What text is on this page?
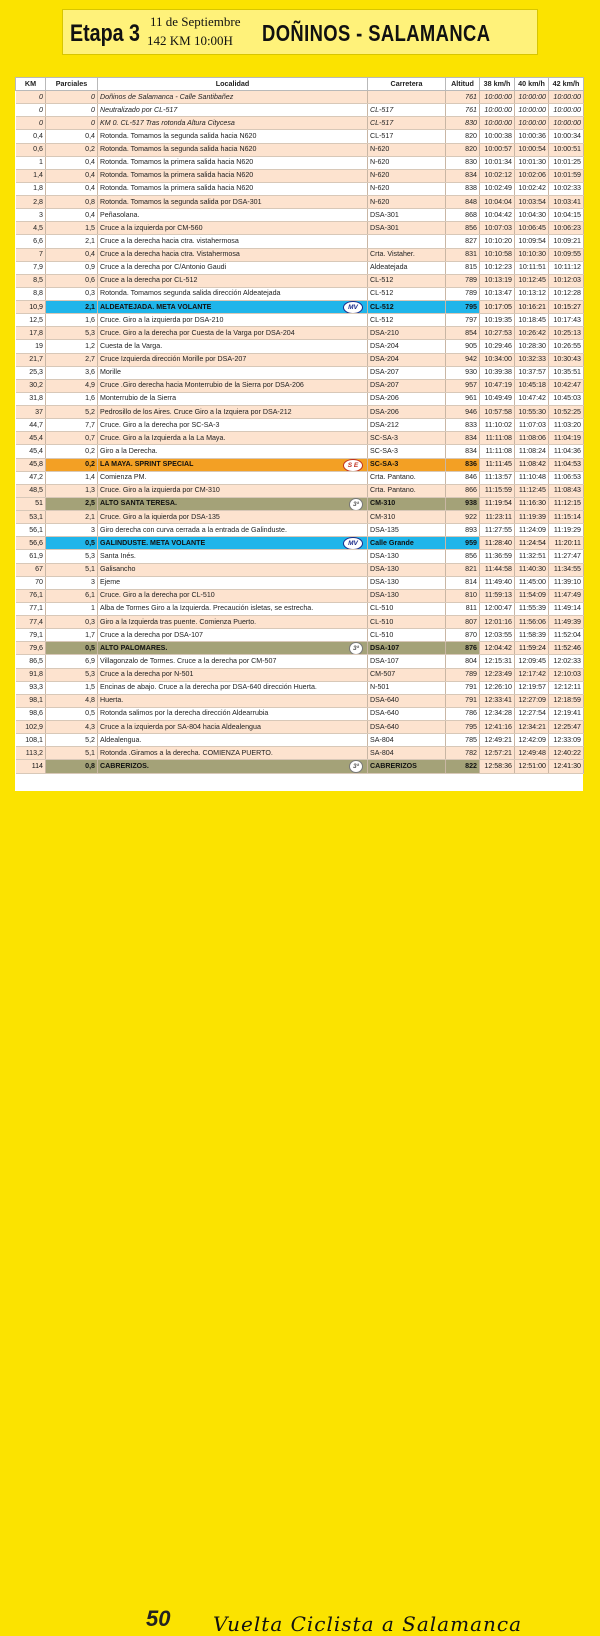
Etapa 3 11 de Septiembre
142 KM 10:00H DOÑINOS - SALAMANCA
KM	Parciales	Localidad	Carretera	Altitud	38 km/h	40 km/h	42 km/h
0	0	Doñinos de Salamanca - Calle Santibañez		761	10:00:00	10:00:00	10:00:00
0	0	Neutralizado por CL-517	CL-517	761	10:00:00	10:00:00	10:00:00
0	0	KM 0. CL-517 Tras rotonda Altura Citycesa	CL-517	830	10:00:00	10:00:00	10:00:00
0,4	0,4	Rotonda. Tomamos la segunda salida hacia N620	CL-517	820	10:00:38	10:00:36	10:00:34
0,6	0,2	Rotonda. Tomamos la segunda salida hacia N620	N-620	820	10:00:57	10:00:54	10:00:51
1	0,4	Rotonda. Tomamos la primera salida hacia N620	N-620	830	10:01:34	10:01:30	10:01:25
1,4	0,4	Rotonda. Tomamos la primera salida hacia N620	N-620	834	10:02:12	10:02:06	10:01:59
1,8	0,4	Rotonda. Tomamos la primera salida hacia N620	N-620	838	10:02:49	10:02:42	10:02:33
2,8	0,8	Rotonda. Tomamos la segunda salida por DSA-301	N-620	848	10:04:04	10:03:54	10:03:41
3	0,4	Peñasolana.	DSA-301	868	10:04:42	10:04:30	10:04:15
4,5	1,5	Cruce a la izquierda por CM-560	DSA-301	856	10:07:03	10:06:45	10:06:23
6,6	2,1	Cruce a la derecha hacia ctra. vistahermosa		827	10:10:20	10:09:54	10:09:21
7	0,4	Cruce a la derecha hacia ctra. Vistahermosa	Crta. Vistaher.	831	10:10:58	10:10:30	10:09:55
7,9	0,9	Cruce a la derecha por C/Antonio Gaudi	Aldeatejada	815	10:12:23	10:11:51	10:11:12
8,5	0,6	Cruce a la derecha por CL-512	CL-512	789	10:13:19	10:12:45	10:12:03
8,8	0,3	Rotonda. Tomamos segunda salida dirección Aldeatejada	CL-512	789	10:13:47	10:13:12	10:12:28
10,9	2,1	ALDEATEJADA. META VOLANTE MV	CL-512	795	10:17:05	10:16:21	10:15:27
12,5	1,6	Cruce. Giro a la izquierda por DSA-210	CL-512	797	10:19:35	10:18:45	10:17:43
17,8	5,3	Cruce. Giro a la derecha por Cuesta de la Varga por DSA-204	DSA-210	854	10:27:53	10:26:42	10:25:13
19	1,2	Cuesta de la Varga.	DSA-204	905	10:29:46	10:28:30	10:26:55
21,7	2,7	Cruce Izquierda dirección Morille por DSA-207	DSA-204	942	10:34:00	10:32:33	10:30:43
25,3	3,6	Morille	DSA-207	930	10:39:38	10:37:57	10:35:51
30,2	4,9	Cruce .Giro derecha hacia Monterrubio de la Sierra por DSA-206	DSA-207	957	10:47:19	10:45:18	10:42:47
31,8	1,6	Monterrubio de la Sierra	DSA-206	961	10:49:49	10:47:42	10:45:03
37	5,2	Pedrosillo de los Aires. Cruce Giro a la Izquiera por DSA-212	DSA-206	946	10:57:58	10:55:30	10:52:25
44,7	7,7	Cruce. Giro a la derecha por SC-SA-3	DSA-212	833	11:10:02	11:07:03	11:03:20
45,4	0,7	Cruce. Giro a la Izquierda a la La Maya.	SC-SA-3	834	11:11:08	11:08:06	11:04:19
45,4	0,2	Giro a la Derecha.	SC-SA-3	834	11:11:08	11:08:24	11:04:36
45,8	0,2	LA MAYA. SPRINT SPECIAL S E	SC-SA-3	836	11:11:45	11:08:42	11:04:53
47,2	1,4	Comienza PM.	Crta. Pantano.	846	11:13:57	11:10:48	11:06:53
48,5	1,3	Cruce. Giro a la izquierda por CM-310	Crta. Pantano.	866	11:15:59	11:12:45	11:08:43
51	2,5	ALTO SANTA TERESA. 3ª	CM-310	938	11:19:54	11:16:30	11:12:15
53,1	2,1	Cruce. Giro a la iquierda por DSA-135	CM-310	922	11:23:11	11:19:39	11:15:14
56,1	3	Giro derecha con curva cerrada a la entrada de Galinduste.	DSA-135	893	11:27:55	11:24:09	11:19:29
56,6	0,5	GALINDUSTE. META VOLANTE MV	Calle Grande	959	11:28:40	11:24:54	11:20:11
61,9	5,3	Santa Inés.	DSA-130	856	11:36:59	11:32:51	11:27:47
67	5,1	Galisancho	DSA-130	821	11:44:58	11:40:30	11:34:55
70	3	Ejeme	DSA-130	814	11:49:40	11:45:00	11:39:10
76,1	6,1	Cruce. Giro a la derecha por CL-510	DSA-130	810	11:59:13	11:54:09	11:47:49
77,1	1	Alba de Tormes Giro a la Izquierda. Precaución isletas, se estrecha.	CL-510	811	12:00:47	11:55:39	11:49:14
77,4	0,3	Giro a la Izquierda tras puente. Comienza Puerto.	CL-510	807	12:01:16	11:56:06	11:49:39
79,1	1,7	Cruce a la derecha por DSA-107	CL-510	870	12:03:55	11:58:39	11:52:04
79,6	0,5	ALTO PALOMARES. 3ª	DSA-107	876	12:04:42	11:59:24	11:52:46
86,5	6,9	Villagonzalo de Tormes. Cruce a la derecha por CM-507	DSA-107	804	12:15:31	12:09:45	12:02:33
91,8	5,3	Cruce a la derecha por N-501	CM-507	789	12:23:49	12:17:42	12:10:03
93,3	1,5	Encinas de abajo. Cruce a la derecha por DSA-640 dirección Huerta.	N-501	791	12:26:10	12:19:57	12:12:11
98,1	4,8	Huerta.	DSA-640	791	12:33:41	12:27:09	12:18:59
98,6	0,5	Rotonda salimos por la derecha dirección Aldearrubia	DSA-640	786	12:34:28	12:27:54	12:19:41
102,9	4,3	Cruce a la izquierda por SA-804 hacia Aldealengua	DSA-640	795	12:41:16	12:34:21	12:25:47
108,1	5,2	Aldealengua.	SA-804	785	12:49:21	12:42:09	12:33:09
113,2	5,1	Rotonda .Giramos a la derecha. COMIENZA PUERTO.	SA-804	782	12:57:21	12:49:48	12:40:22
114	0,8	CABRERIZOS. 3ª	CABRERIZOS	822	12:58:36	12:51:00	12:41:30
50 Vuelta Ciclista a Salamanca
